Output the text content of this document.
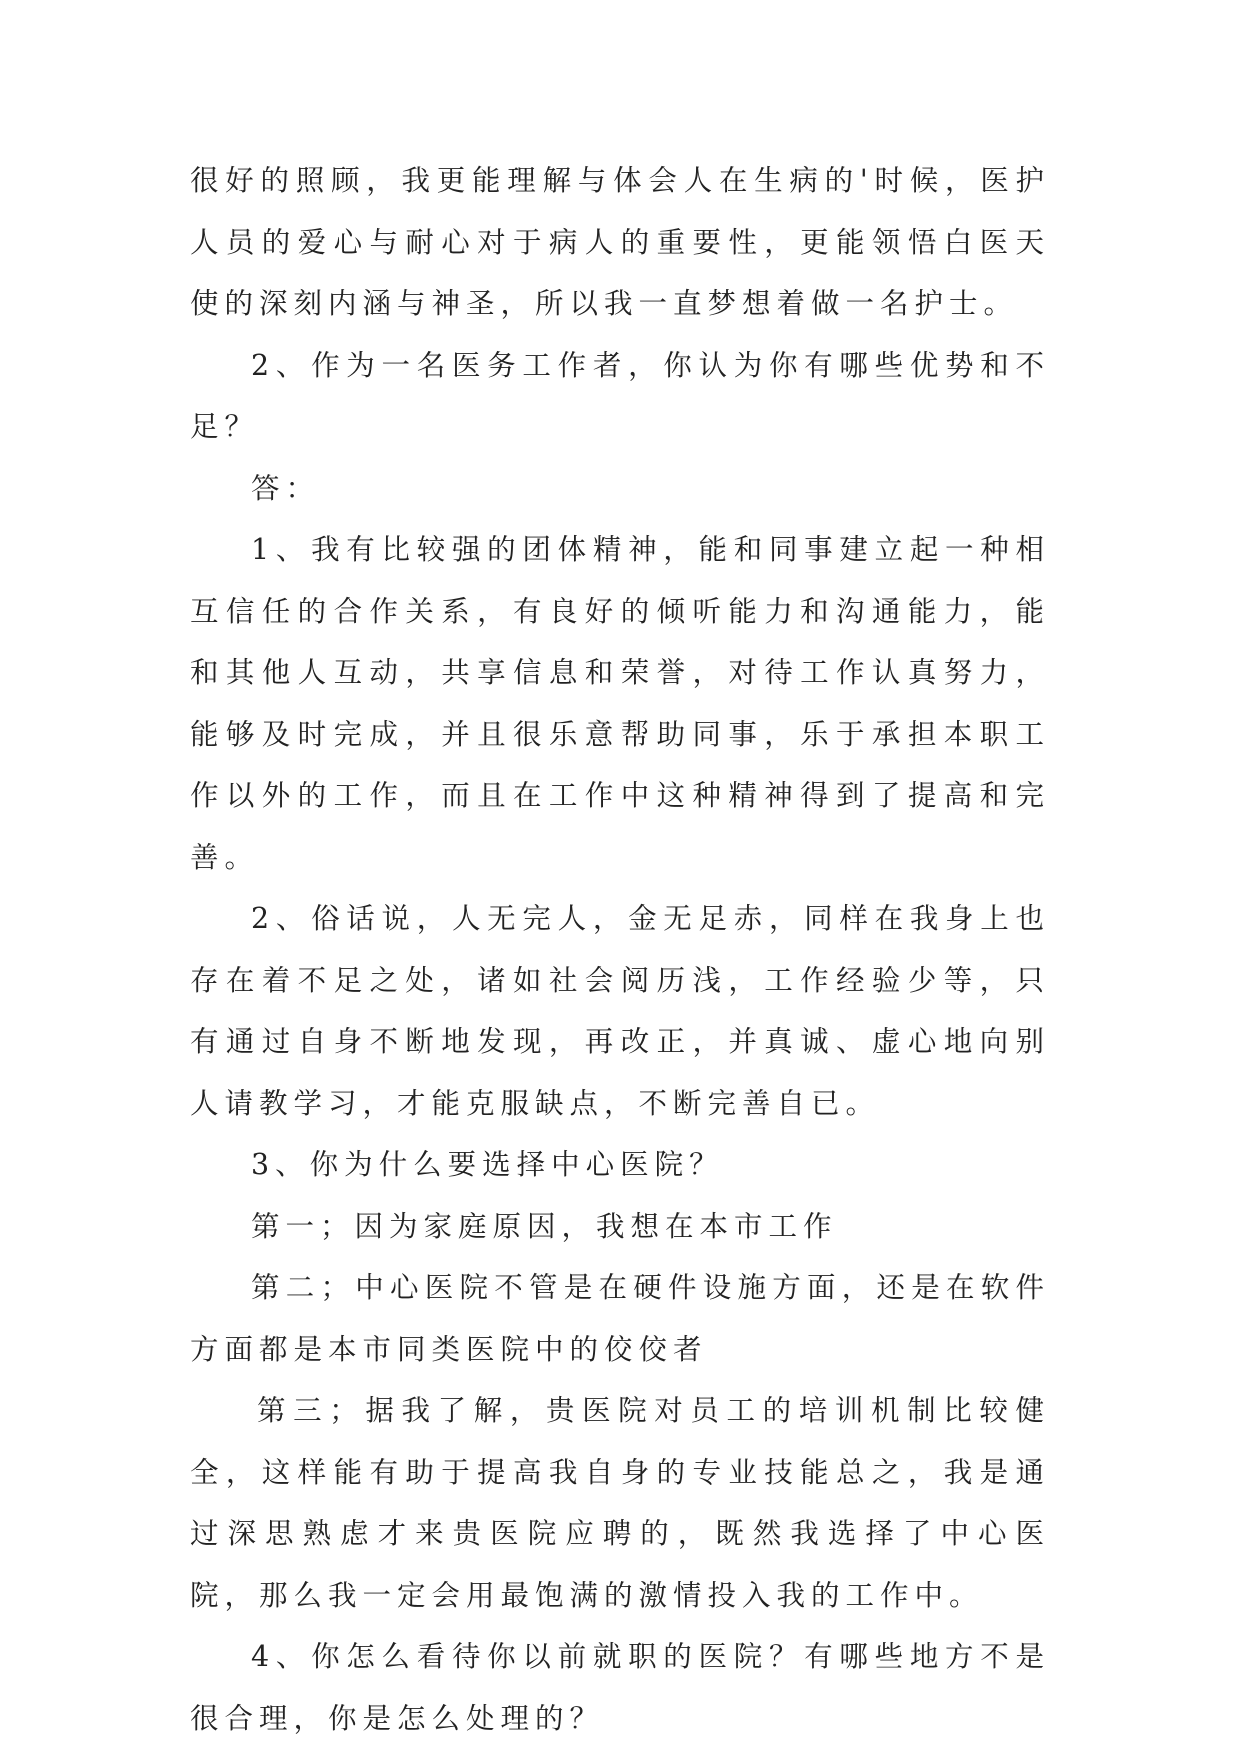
很好的照顾，我更能理解与体会人在生病的'时候，医护人员的爱心与耐心对于病人的重要性，更能领悟白医天使的深刻内涵与神圣，所以我一直梦想着做一名护士。

2、作为一名医务工作者，你认为你有哪些优势和不足？

答：

1、我有比较强的团体精神，能和同事建立起一种相互信任的合作关系，有良好的倾听能力和沟通能力，能和其他人互动，共享信息和荣誉，对待工作认真努力，能够及时完成，并且很乐意帮助同事，乐于承担本职工作以外的工作，而且在工作中这种精神得到了提高和完善。

2、俗话说，人无完人，金无足赤，同样在我身上也存在着不足之处，诸如社会阅历浅，工作经验少等，只有通过自身不断地发现，再改正，并真诚、虚心地向别人请教学习，才能克服缺点，不断完善自已。

3、你为什么要选择中心医院？

第一；因为家庭原因，我想在本市工作

第二；中心医院不管是在硬件设施方面，还是在软件方面都是本市同类医院中的佼佼者

第三；据我了解，贵医院对员工的培训机制比较健全，这样能有助于提高我自身的专业技能总之，我是通过深思熟虑才来贵医院应聘的，既然我选择了中心医院，那么我一定会用最饱满的激情投入我的工作中。

4、你怎么看待你以前就职的医院？有哪些地方不是很合理，你是怎么处理的？
